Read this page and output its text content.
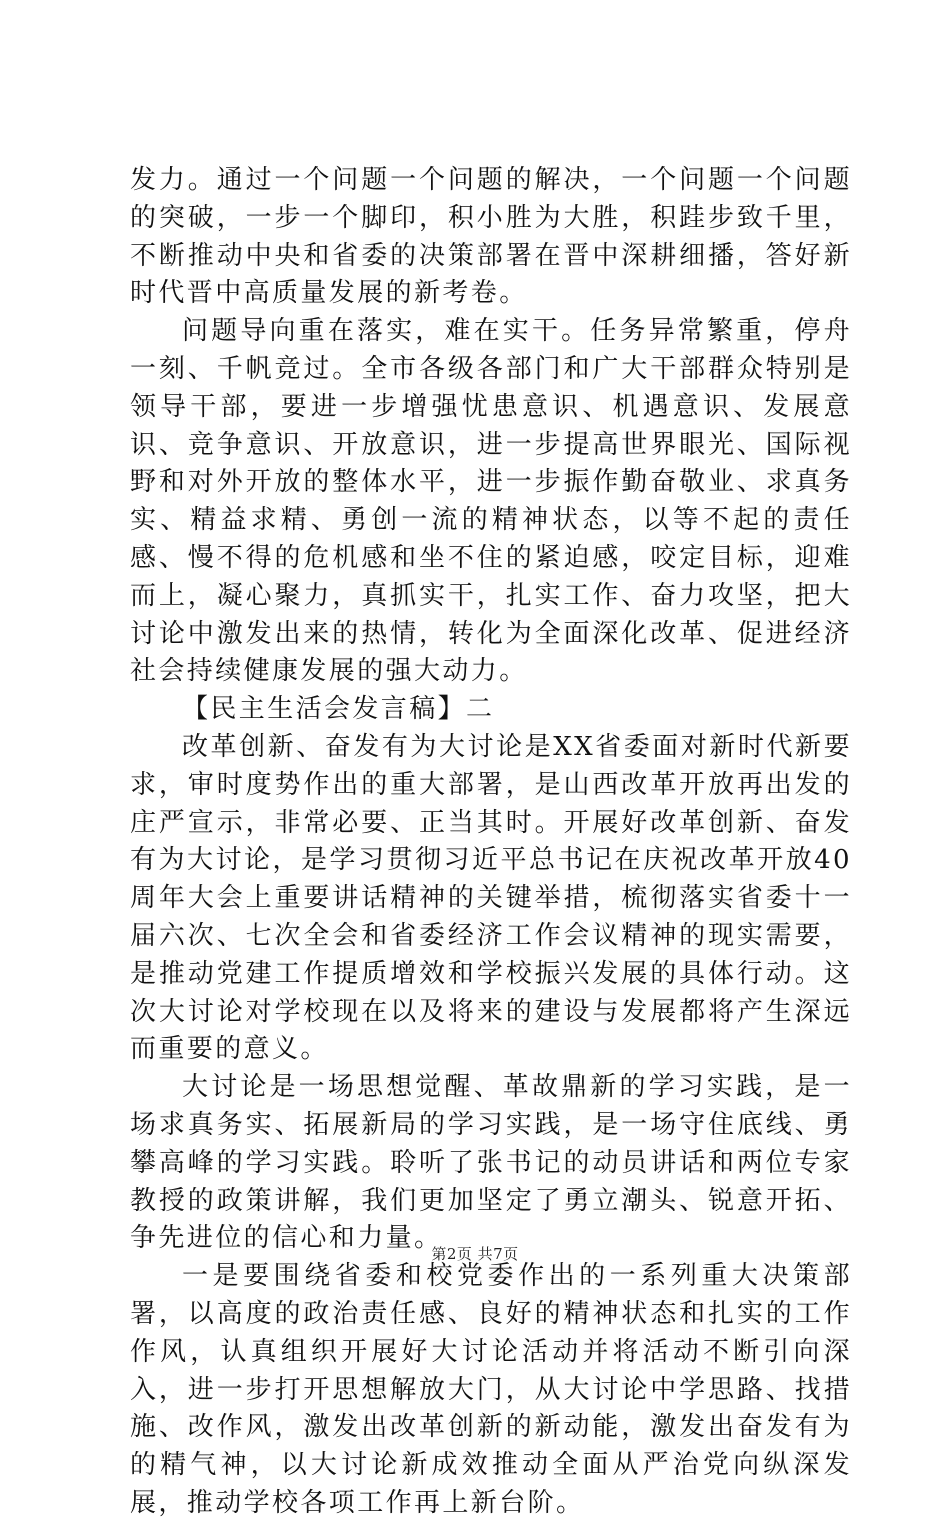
发力。通过一个问题一个问题的解决，一个问题一个问题的突破，一步一个脚印，积小胜为大胜，积跬步致千里，不断推动中央和省委的决策部署在晋中深耕细播，答好新时代晋中高质量发展的新考卷。

问题导向重在落实，难在实干。任务异常繁重，停舟一刻、千帆竞过。全市各级各部门和广大干部群众特别是领导干部，要进一步增强忧患意识、机遇意识、发展意识、竞争意识、开放意识，进一步提高世界眼光、国际视野和对外开放的整体水平，进一步振作勤奋敬业、求真务实、精益求精、勇创一流的精神状态，以等不起的责任感、慢不得的危机感和坐不住的紧迫感，咬定目标，迎难而上，凝心聚力，真抓实干，扎实工作、奋力攻坚，把大讨论中激发出来的热情，转化为全面深化改革、促进经济社会持续健康发展的强大动力。

【民主生活会发言稿】二

改革创新、奋发有为大讨论是XX省委面对新时代新要求，审时度势作出的重大部署，是山西改革开放再出发的庄严宣示，非常必要、正当其时。开展好改革创新、奋发有为大讨论，是学习贯彻习近平总书记在庆祝改革开放40周年大会上重要讲话精神的关键举措，梳彻落实省委十一届六次、七次全会和省委经济工作会议精神的现实需要，是推动党建工作提质增效和学校振兴发展的具体行动。这次大讨论对学校现在以及将来的建设与发展都将产生深远而重要的意义。

大讨论是一场思想觉醒、革故鼎新的学习实践，是一场求真务实、拓展新局的学习实践，是一场守住底线、勇攀高峰的学习实践。聆听了张书记的动员讲话和两位专家教授的政策讲解，我们更加坚定了勇立潮头、锐意开拓、争先进位的信心和力量。

一是要围绕省委和校党委作出的一系列重大决策部署，以高度的政治责任感、良好的精神状态和扎实的工作作风，认真组织开展好大讨论活动并将活动不断引向深入，进一步打开思想解放大门，从大讨论中学思路、找措施、改作风，激发出改革创新的新动能，激发出奋发有为的精气神，以大讨论新成效推动全面从严治党向纵深发展，推动学校各项工作再上新台阶。

第2页 共7页
